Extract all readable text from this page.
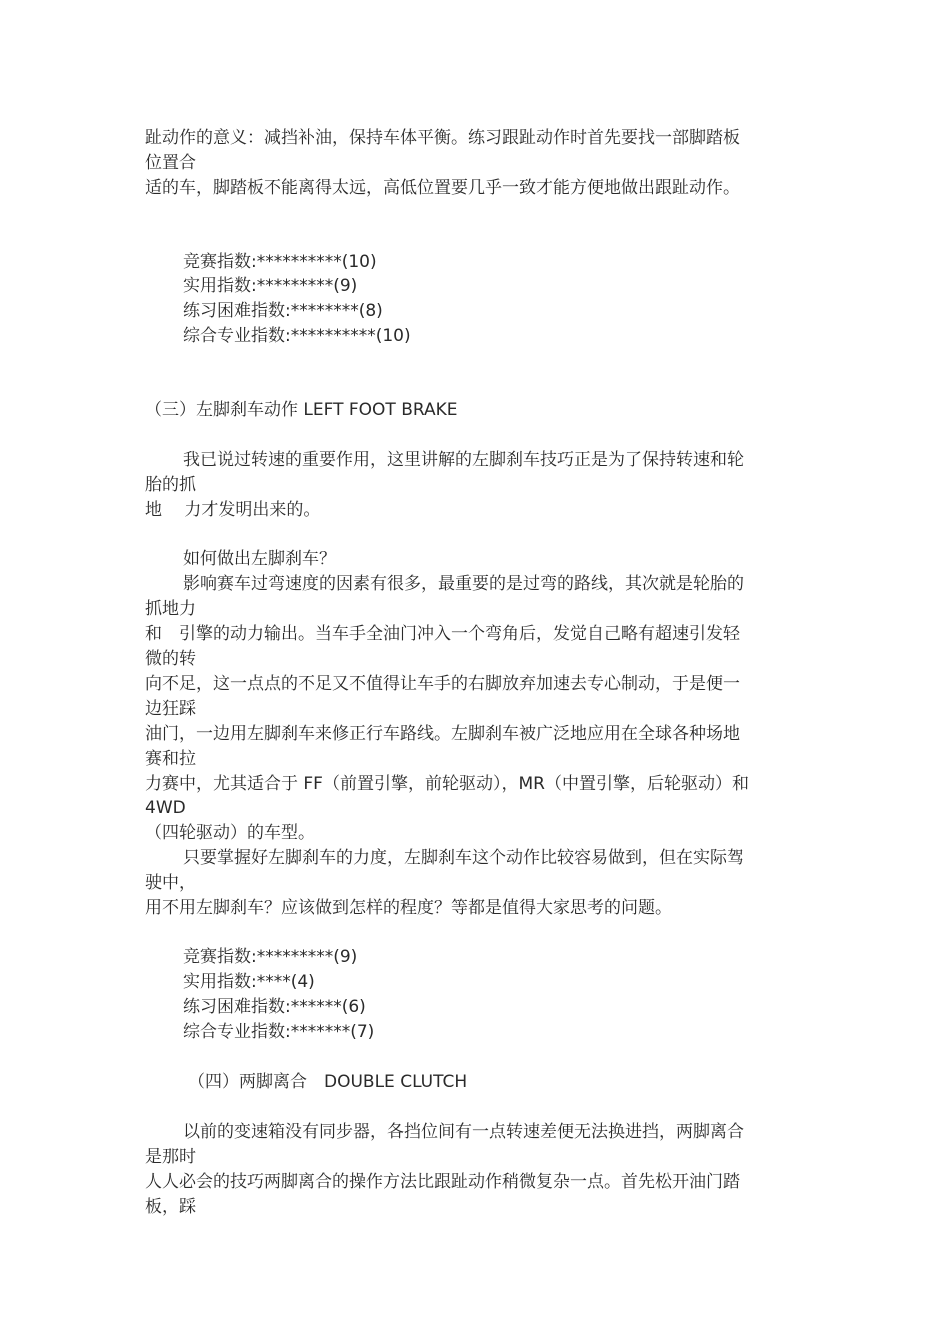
趾动作的意义：减挡补油，保持车体平衡。练习跟趾动作时首先要找一部脚踏板
位置合
适的车，脚踏板不能离得太远，高低位置要几乎一致才能方便地做出跟趾动作。
竞赛指数:**********(10)
实用指数:*********(9)
练习困难指数:********(8)
综合专业指数:**********(10)
（三）左脚刹车动作 LEFT FOOT BRAKE
我已说过转速的重要作用，这里讲解的左脚刹车技巧正是为了保持转速和轮
胎的抓
地　 力才发明出来的。
如何做出左脚刹车？
影响赛车过弯速度的因素有很多，最重要的是过弯的路线，其次就是轮胎的
抓地力
和　引擎的动力输出。当车手全油门冲入一个弯角后，发觉自己略有超速引发轻
微的转
向不足，这一点点的不足又不值得让车手的右脚放弃加速去专心制动，于是便一
边狂踩
油门，一边用左脚刹车来修正行车路线。左脚刹车被广泛地应用在全球各种场地
赛和拉
力赛中，尤其适合于 FF（前置引擎，前轮驱动），MR（中置引擎，后轮驱动）和
4WD
（四轮驱动）的车型。
只要掌握好左脚刹车的力度，左脚刹车这个动作比较容易做到，但在实际驾
驶中，
用不用左脚刹车？应该做到怎样的程度？等都是值得大家思考的问题。
竞赛指数:*********(9)
实用指数:****(4)
练习困难指数:******(6)
综合专业指数:*******(7)
（四）两脚离合　DOUBLE CLUTCH
以前的变速箱没有同步器，各挡位间有一点转速差便无法换进挡，两脚离合
是那时
人人必会的技巧两脚离合的操作方法比跟趾动作稍微复杂一点。首先松开油门踏
板，踩
